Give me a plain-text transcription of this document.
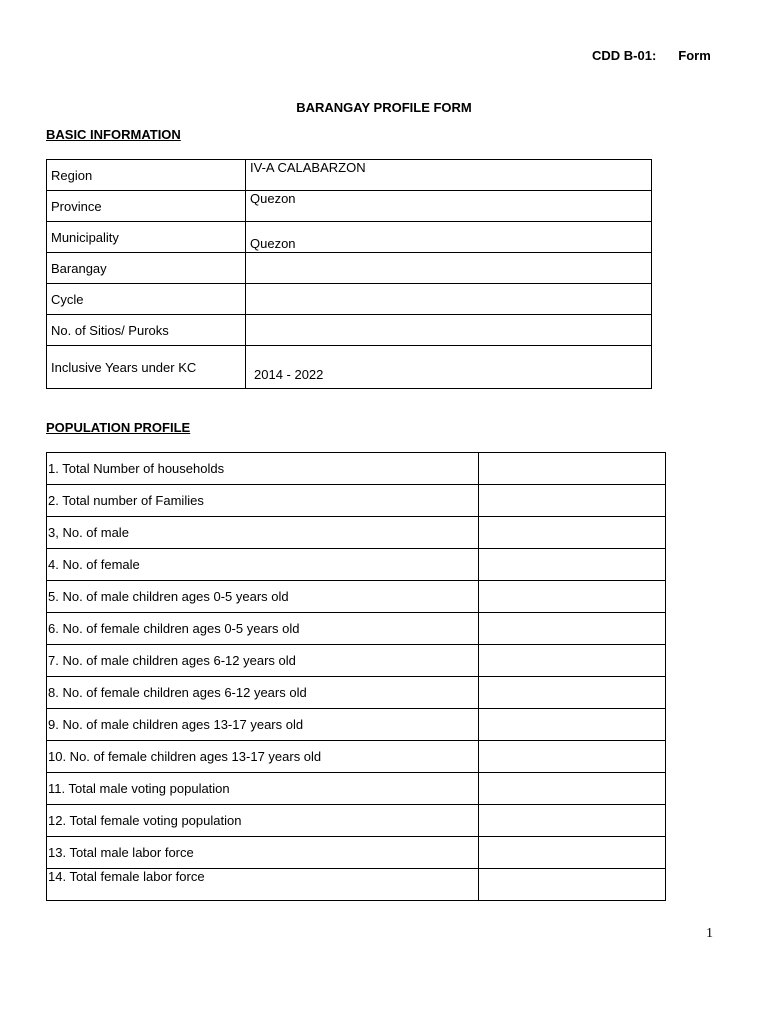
CDD B-01: Form
BARANGAY PROFILE FORM
BASIC INFORMATION
Region	IV-A CALABARZON
Province	Quezon
Municipality	Quezon
Barangay	
Cycle	
No. of Sitios/ Puroks	
Inclusive Years under KC	2014 - 2022
POPULATION PROFILE
1. Total Number of households	
2. Total number of Families	
3, No. of male	
4. No. of female	
5. No. of male children ages 0-5 years old	
6. No. of female children ages 0-5 years old	
7. No. of male children ages 6-12 years old	
8. No. of female children ages 6-12 years old	
9. No. of male children ages 13-17 years old	
10. No. of female children ages 13-17 years old	
11. Total male voting population	
12. Total female voting population	
13. Total male labor force	
14. Total female labor force	
1
